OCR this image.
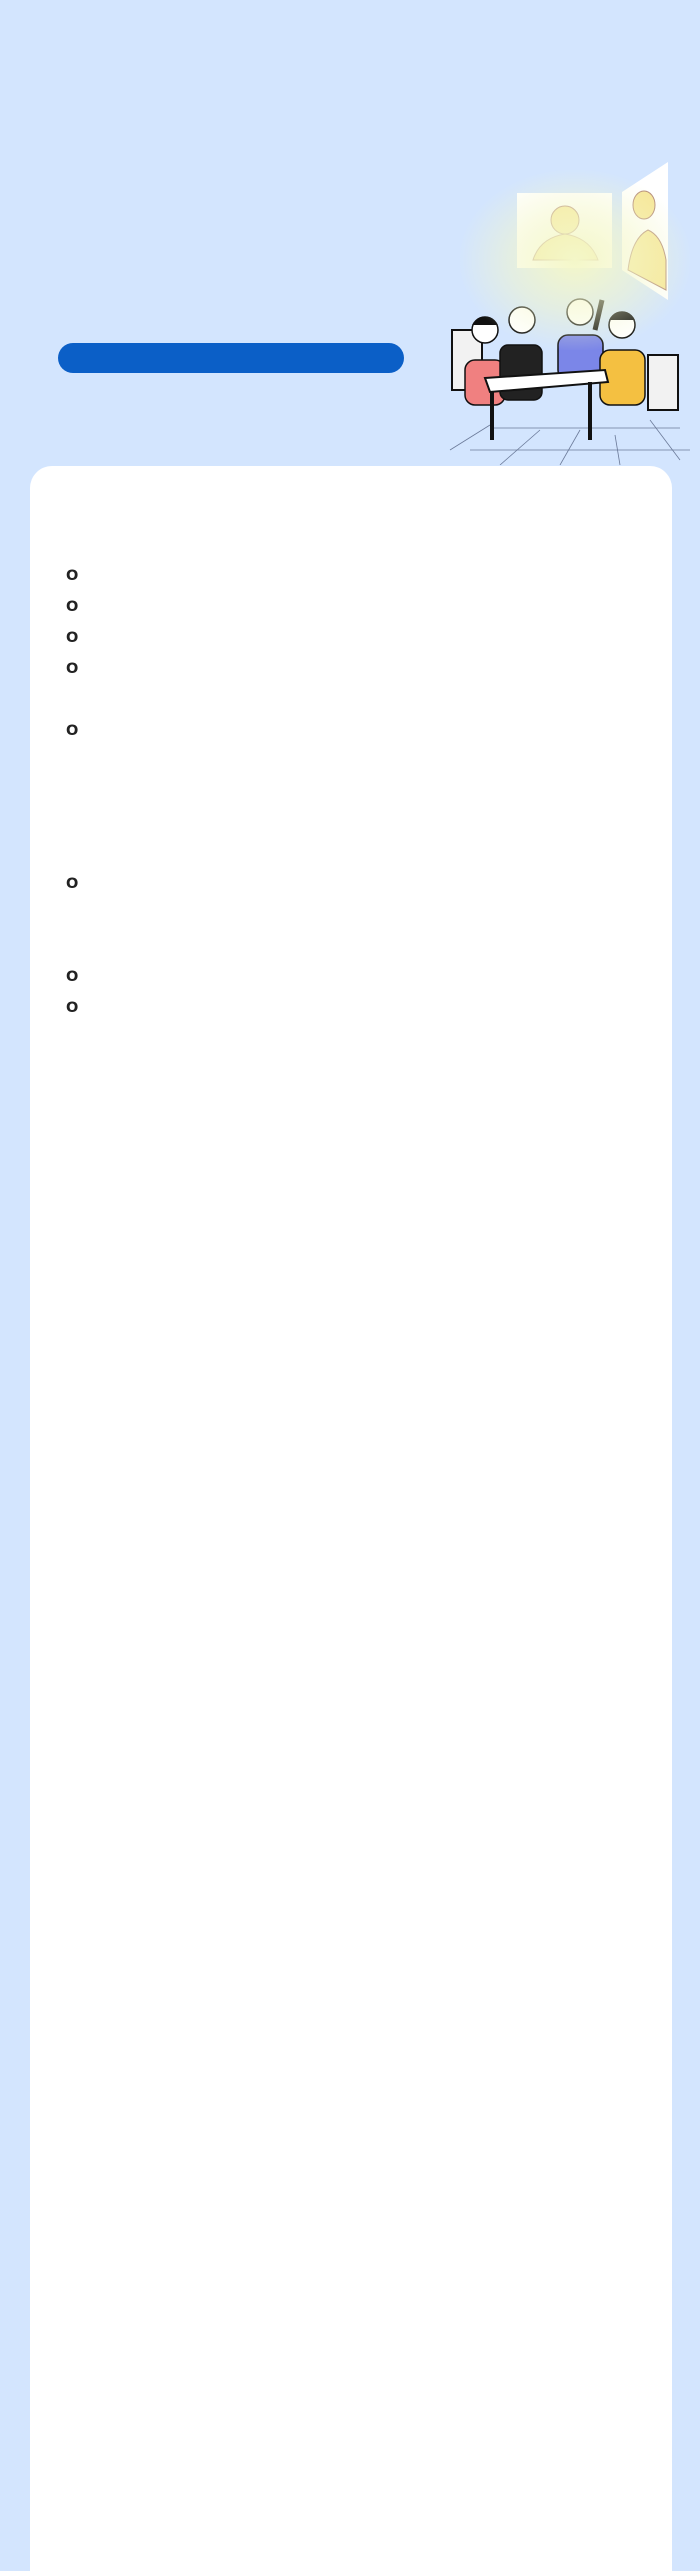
O
O
O
O
O
O
O
O
